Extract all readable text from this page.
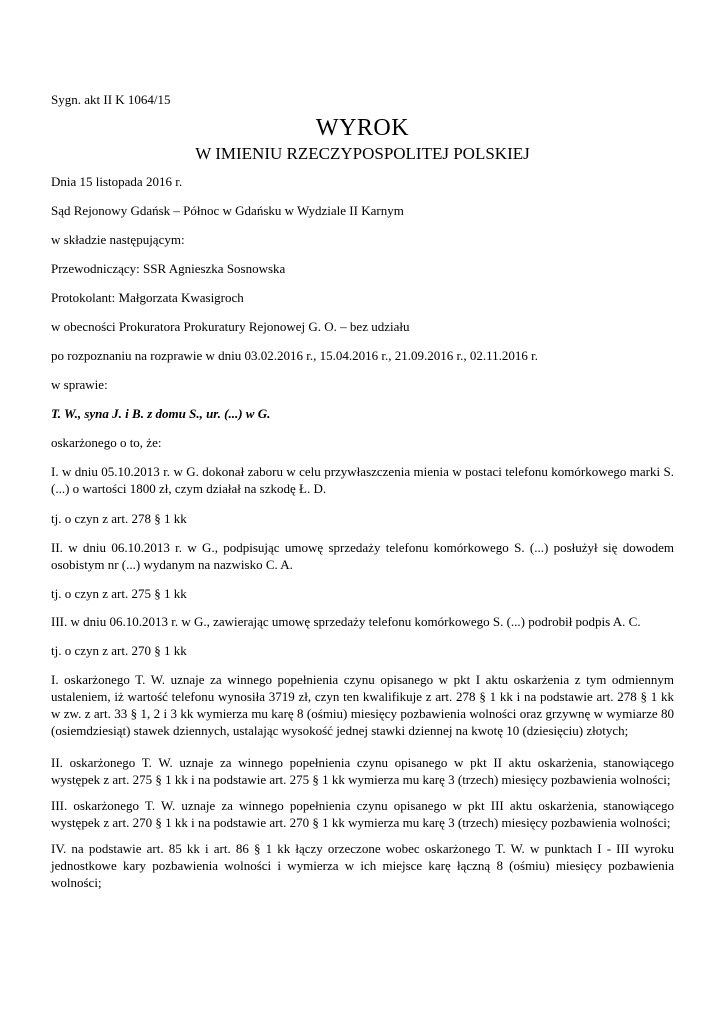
Sygn. akt II K 1064/15
WYROK
W IMIENIU RZECZYPOSPOLITEJ POLSKIEJ
Dnia 15 listopada 2016 r.
Sąd Rejonowy Gdańsk – Północ w Gdańsku w Wydziale II Karnym
w składzie następującym:
Przewodniczący: SSR Agnieszka Sosnowska
Protokolant: Małgorzata Kwasigroch
w obecności Prokuratora Prokuratury Rejonowej G. O. – bez udziału
po rozpoznaniu na rozprawie w dniu 03.02.2016 r., 15.04.2016 r., 21.09.2016 r., 02.11.2016 r.
w sprawie:
T. W., syna J. i B. z domu S., ur. (...) w G.
oskarżonego o to, że:
I. w dniu 05.10.2013 r. w G. dokonał zaboru w celu przywłaszczenia mienia w postaci telefonu komórkowego marki S. (...) o wartości 1800 zł, czym działał na szkodę Ł. D.
tj. o czyn z art. 278 § 1 kk
II. w dniu 06.10.2013 r. w G., podpisując umowę sprzedaży telefonu komórkowego S. (...) posłużył się dowodem osobistym nr (...) wydanym na nazwisko C. A.
tj. o czyn z art. 275 § 1 kk
III. w dniu 06.10.2013 r. w G., zawierając umowę sprzedaży telefonu komórkowego S. (...) podrobił podpis A. C.
tj. o czyn z art. 270 § 1 kk
I. oskarżonego T. W. uznaje za winnego popełnienia czynu opisanego w pkt I aktu oskarżenia z tym odmiennym ustaleniem, iż wartość telefonu wynosiła 3719 zł, czyn ten kwalifikuje z art. 278 § 1 kk i na podstawie art. 278 § 1 kk w zw. z art. 33 § 1, 2 i 3 kk wymierza mu karę 8 (ośmiu) miesięcy pozbawienia wolności oraz grzywnę w wymiarze 80 (osiemdziesiąt) stawek dziennych, ustalając wysokość jednej stawki dziennej na kwotę 10 (dziesięciu) złotych;
II. oskarżonego T. W. uznaje za winnego popełnienia czynu opisanego w pkt II aktu oskarżenia, stanowiącego występek z art. 275 § 1 kk i na podstawie art. 275 § 1 kk wymierza mu karę 3 (trzech) miesięcy pozbawienia wolności;
III. oskarżonego T. W. uznaje za winnego popełnienia czynu opisanego w pkt III aktu oskarżenia, stanowiącego występek z art. 270 § 1 kk i na podstawie art. 270 § 1 kk wymierza mu karę 3 (trzech) miesięcy pozbawienia wolności;
IV. na podstawie art. 85 kk i art. 86 § 1 kk łączy orzeczone wobec oskarżonego T. W. w punktach I - III wyroku jednostkowe kary pozbawienia wolności i wymierza w ich miejsce karę łączną 8 (ośmiu) miesięcy pozbawienia wolności;
